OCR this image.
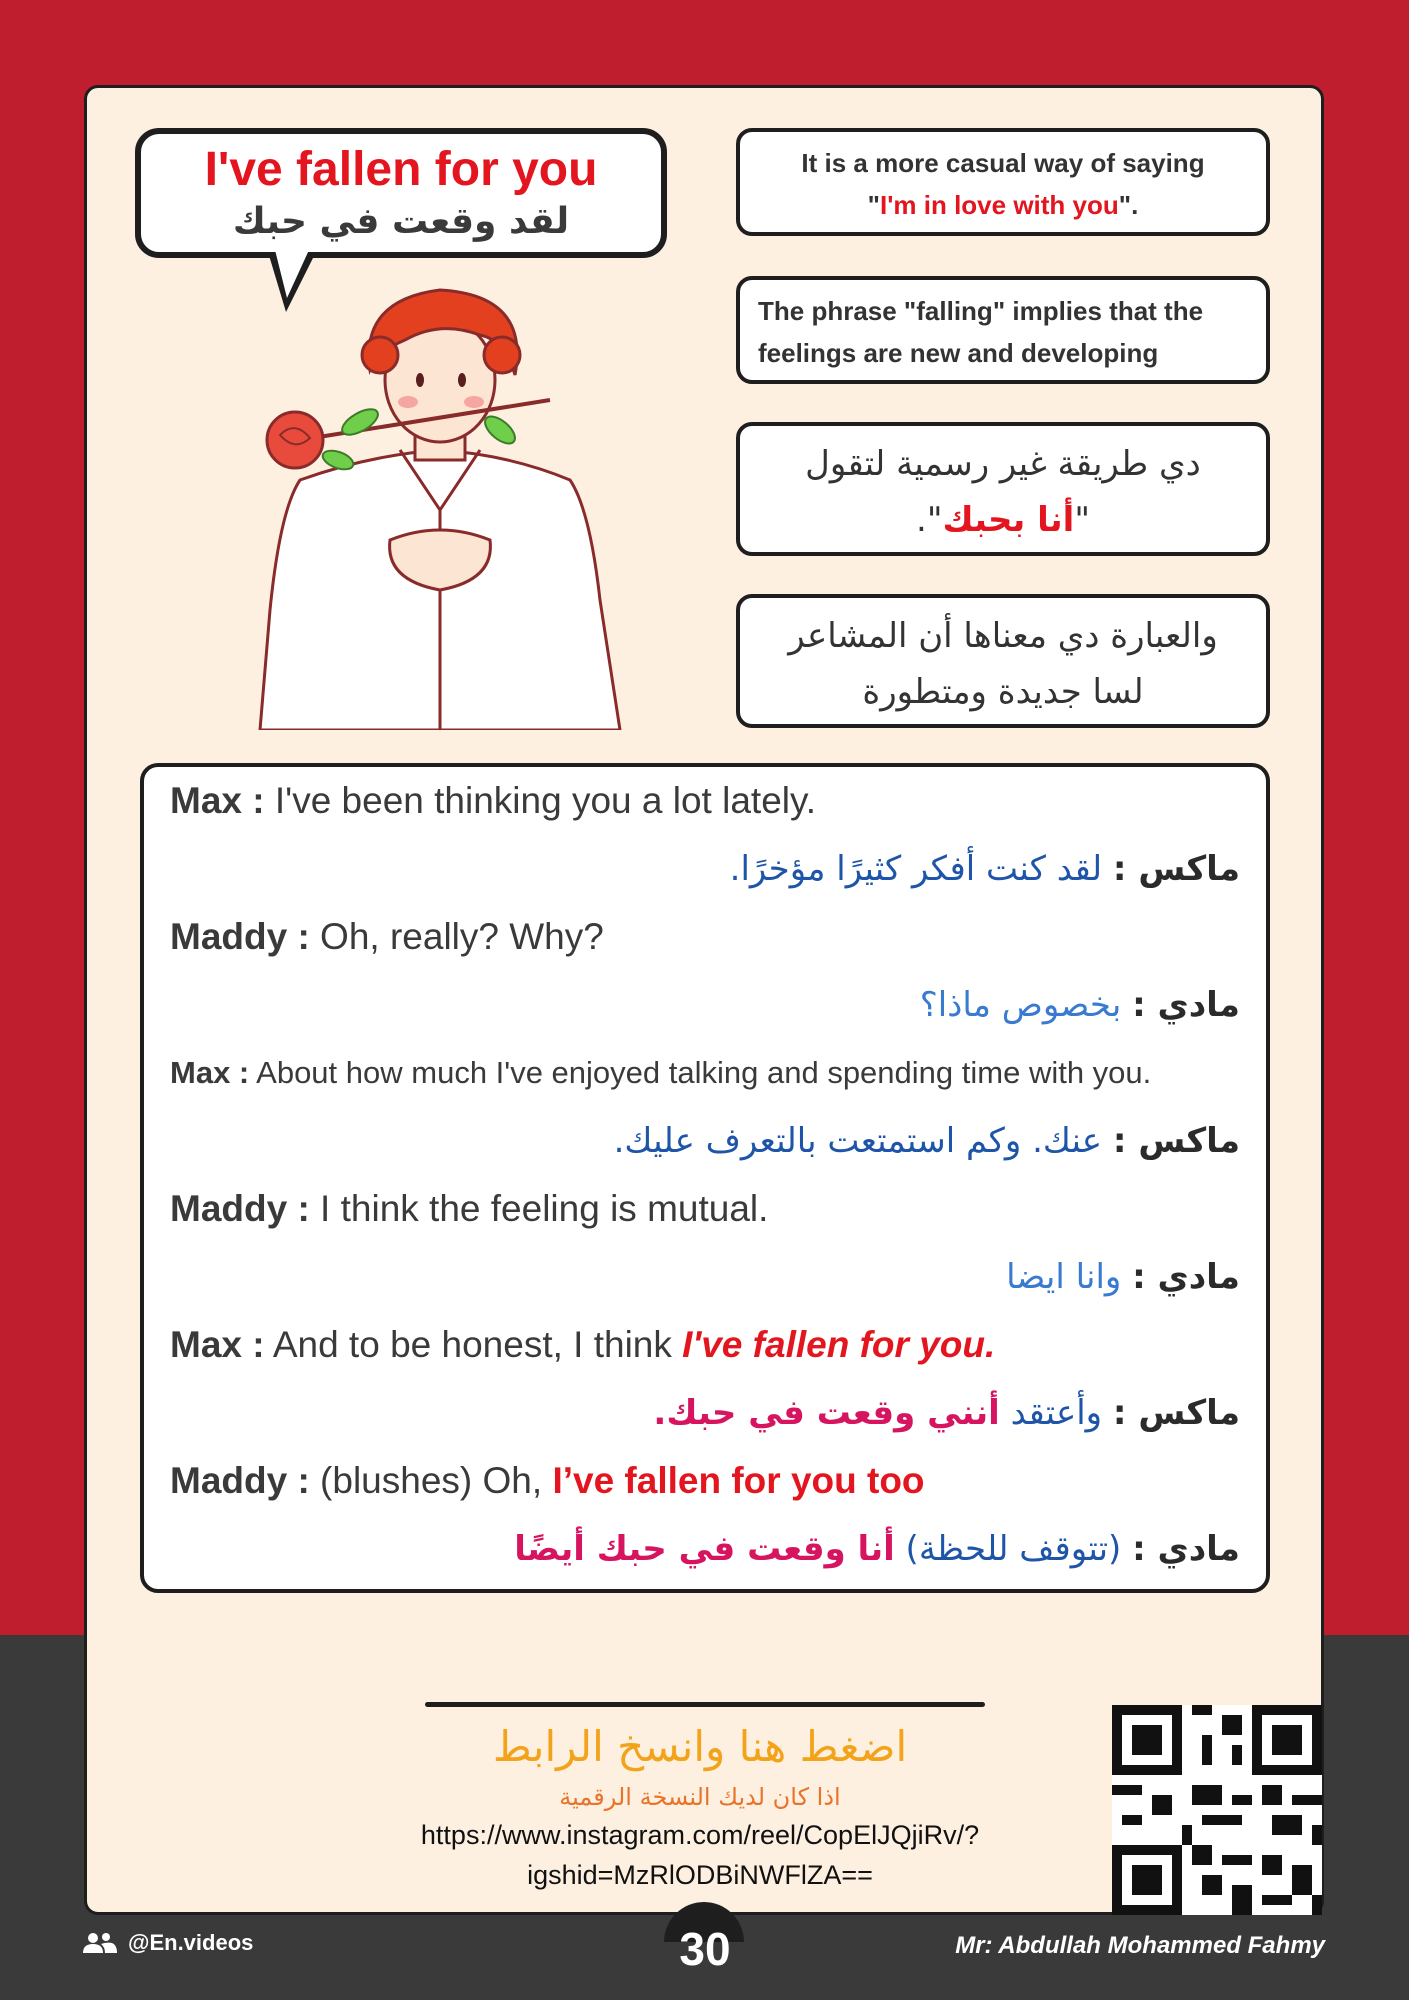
I've fallen for you
لقد وقعت في حبك
It is a more casual way of saying
"I'm in love with you".
The phrase "falling" implies that the feelings are new and developing
دي طريقة غير رسمية لتقول
"أنا بحبك".
والعبارة دي معناها أن المشاعر
لسا جديدة ومتطورة
Max : I've been thinking you a lot lately.
ماكس : لقد كنت أفكر كثيرًا مؤخرًا.
Maddy : Oh, really? Why?
مادي : بخصوص ماذا؟
Max : About how much I've enjoyed talking and spending time with you.
ماكس : عنك. وكم استمتعت بالتعرف عليك.
Maddy : I think the feeling is mutual.
مادي : وانا ايضا
Max : And to be honest, I think I've fallen for you.
ماكس : وأعتقد أنني وقعت في حبك.
Maddy : (blushes) Oh, I’ve fallen for you too
مادي : (تتوقف للحظة) أنا وقعت في حبك أيضًا
اضغط هنا وانسخ الرابط
اذا كان لديك النسخة الرقمية
https://www.instagram.com/reel/CopElJQjiRv/?
igshid=MzRlODBiNWFlZA==
@En.videos	30	Mr: Abdullah Mohammed Fahmy
